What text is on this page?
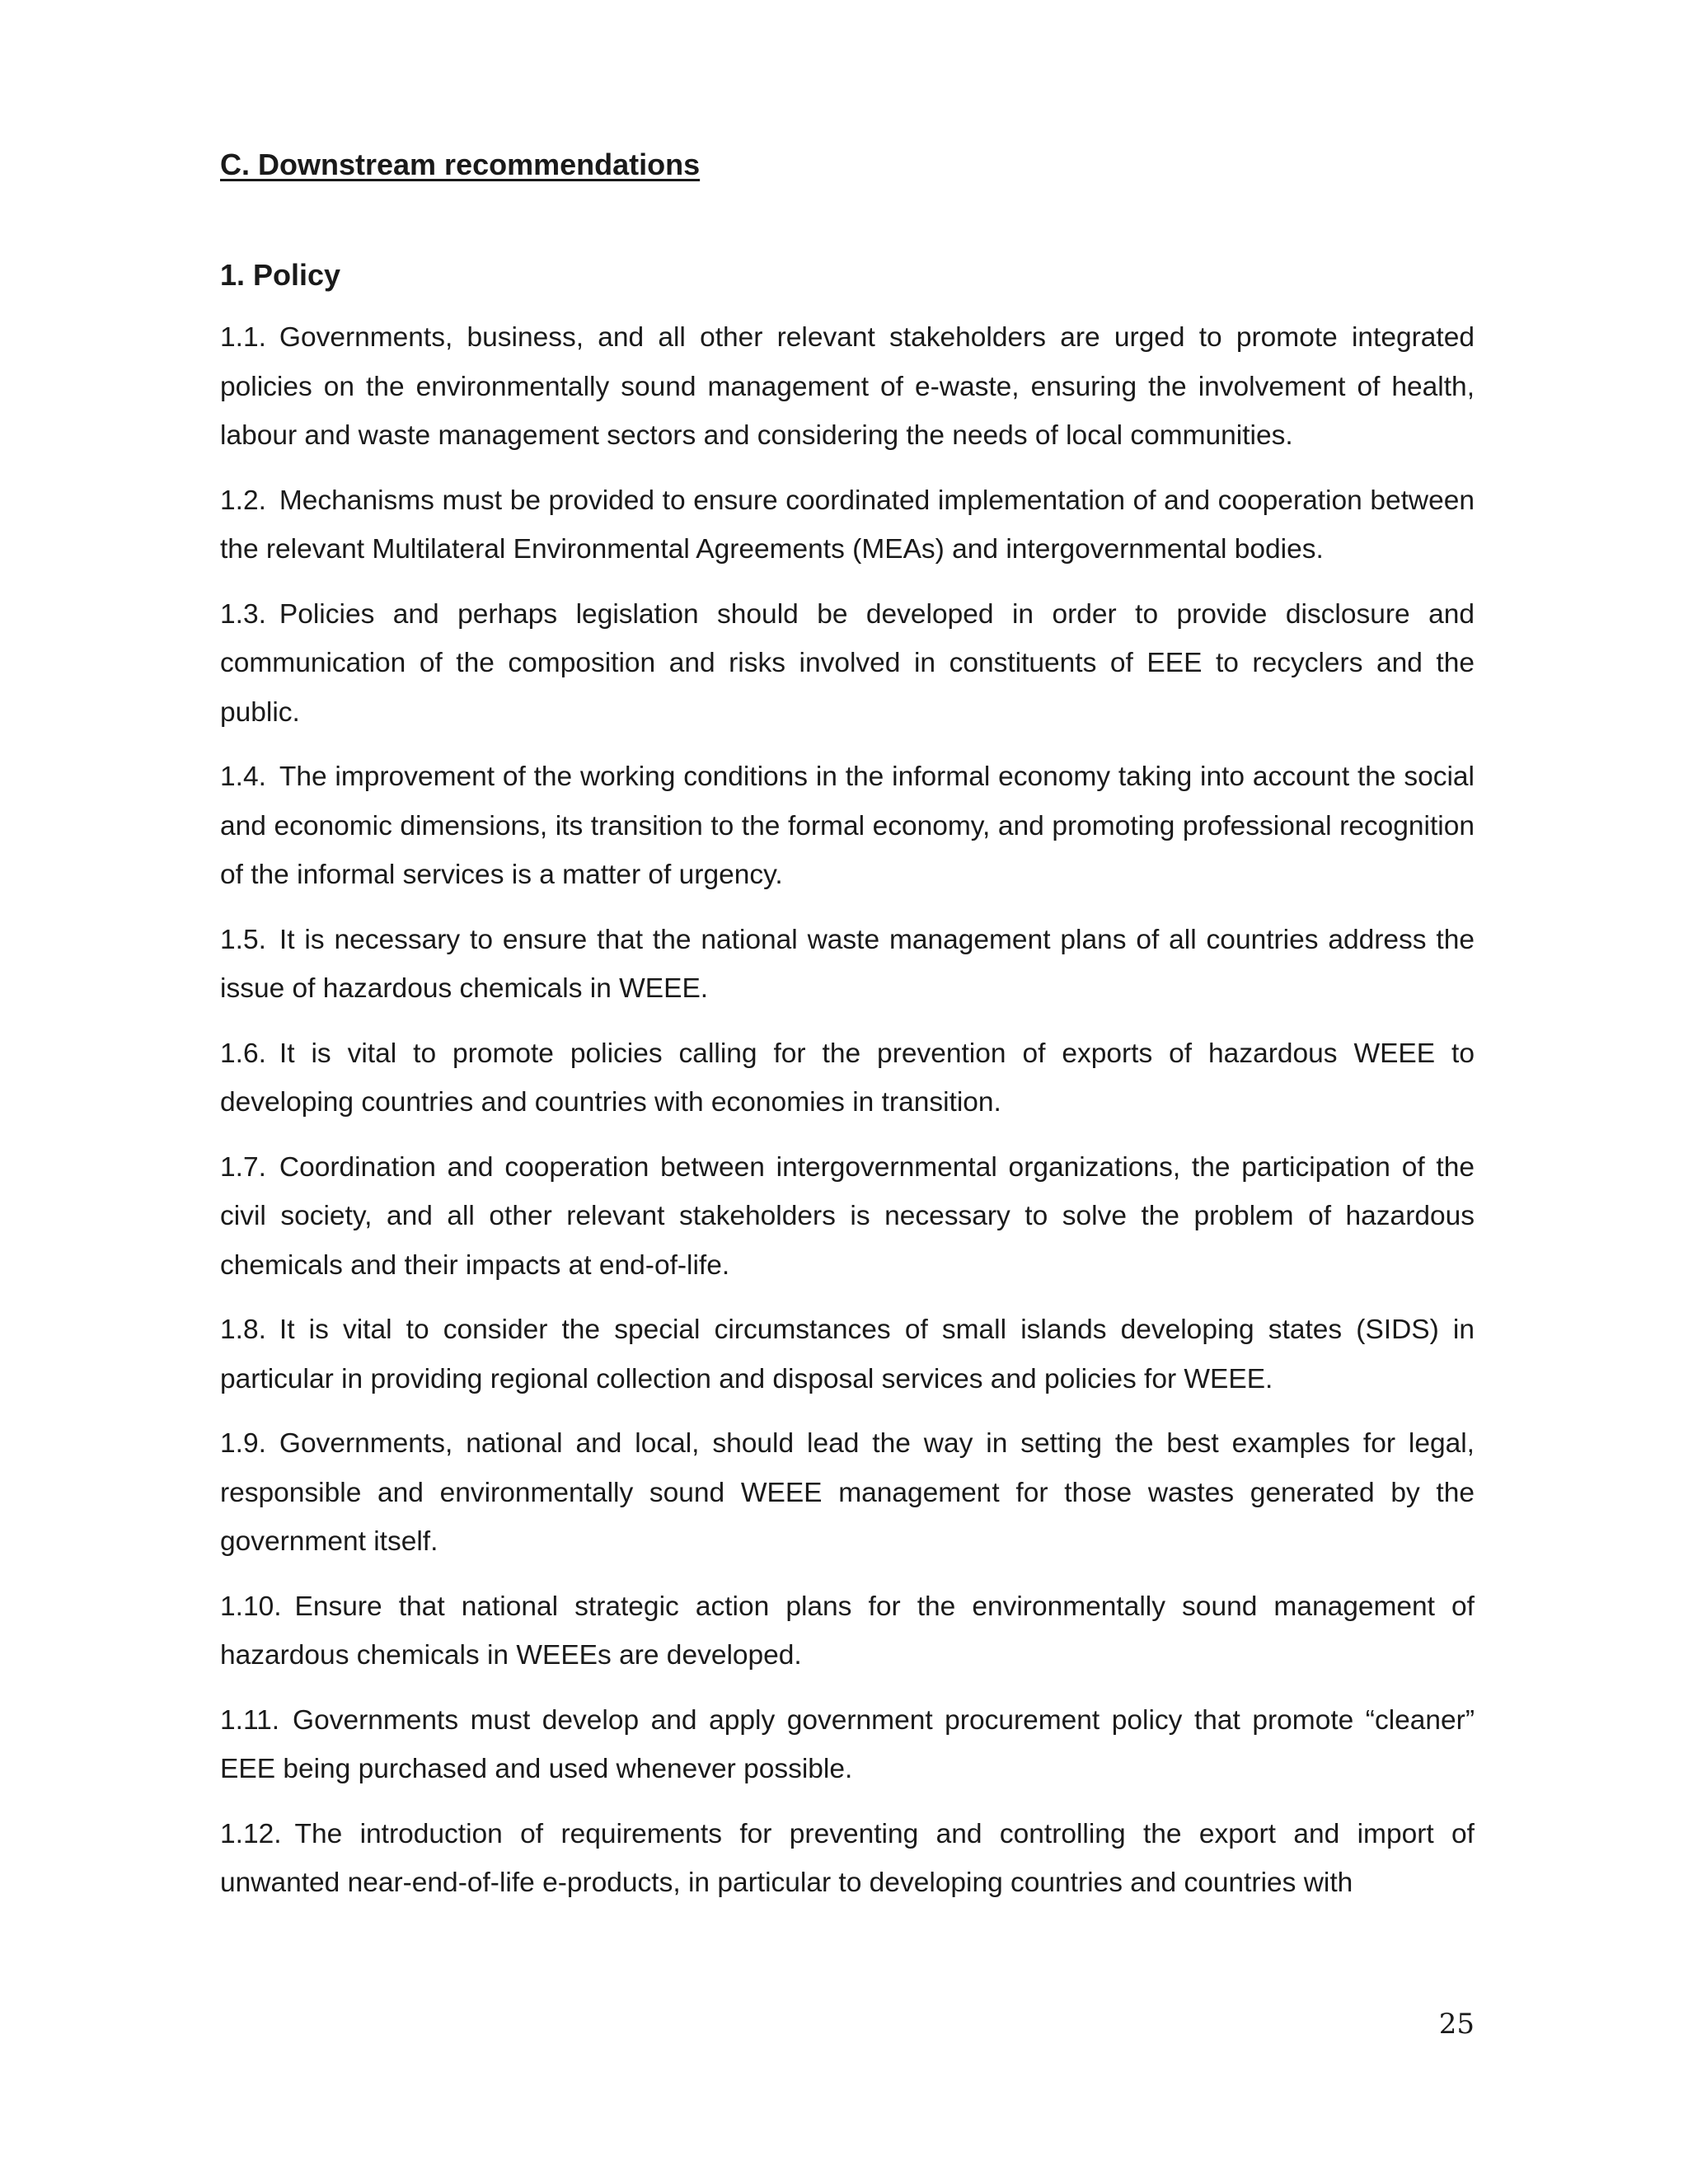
C. Downstream recommendations
1. Policy

1.1. Governments, business, and all other relevant stakeholders are urged to promote integrated policies on the environmentally sound management of e-waste, ensuring the involvement of health, labour and waste management sectors and considering the needs of local communities.

1.2. Mechanisms must be provided to ensure coordinated implementation of and cooperation between the relevant Multilateral Environmental Agreements (MEAs) and intergovernmental bodies.

1.3. Policies and perhaps legislation should be developed in order to provide disclosure and communication of the composition and risks involved in constituents of EEE to recyclers and the public.

1.4. The improvement of the working conditions in the informal economy taking into account the social and economic dimensions, its transition to the formal economy, and promoting professional recognition of the informal services is a matter of urgency.

1.5. It is necessary to ensure that the national waste management plans of all countries address the issue of hazardous chemicals in WEEE.

1.6. It is vital to promote policies calling for the prevention of exports of hazardous WEEE to developing countries and countries with economies in transition.

1.7. Coordination and cooperation between intergovernmental organizations, the participation of the civil society, and all other relevant stakeholders is necessary to solve the problem of hazardous chemicals and their impacts at end-of-life.

1.8. It is vital to consider the special circumstances of small islands developing states (SIDS) in particular in providing regional collection and disposal services and policies for WEEE.

1.9. Governments, national and local, should lead the way in setting the best examples for legal, responsible and environmentally sound WEEE management for those wastes generated by the government itself.

1.10. Ensure that national strategic action plans for the environmentally sound management of hazardous chemicals in WEEEs are developed.

1.11. Governments must develop and apply government procurement policy that promote “cleaner” EEE being purchased and used whenever possible.

1.12. The introduction of requirements for preventing and controlling the export and import of unwanted near-end-of-life e-products, in particular to developing countries and countries with

25
